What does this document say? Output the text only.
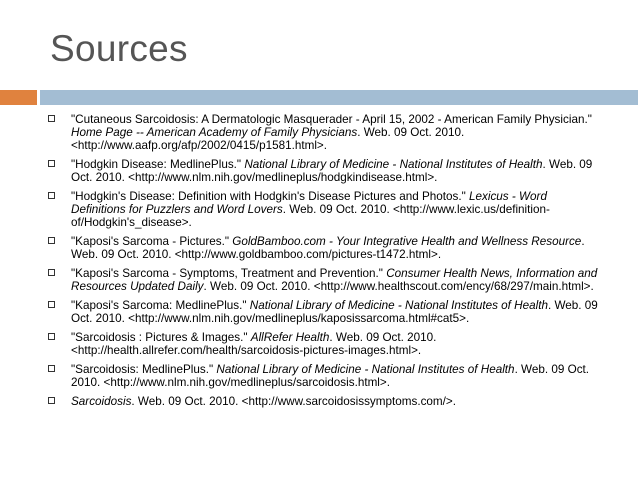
Sources
"Cutaneous Sarcoidosis: A Dermatologic Masquerader - April 15, 2002 - American Family Physician." Home Page -- American Academy of Family Physicians. Web. 09 Oct. 2010. <http://www.aafp.org/afp/2002/0415/p1581.html>.
"Hodgkin Disease: MedlinePlus." National Library of Medicine - National Institutes of Health. Web. 09 Oct. 2010. <http://www.nlm.nih.gov/medlineplus/hodgkindisease.html>.
"Hodgkin's Disease: Definition with Hodgkin's Disease Pictures and Photos." Lexicus - Word Definitions for Puzzlers and Word Lovers. Web. 09 Oct. 2010. <http://www.lexic.us/definition-of/Hodgkin's_disease>.
"Kaposi's Sarcoma - Pictures." GoldBamboo.com - Your Integrative Health and Wellness Resource. Web. 09 Oct. 2010. <http://www.goldbamboo.com/pictures-t1472.html>.
"Kaposi's Sarcoma - Symptoms, Treatment and Prevention." Consumer Health News, Information and Resources Updated Daily. Web. 09 Oct. 2010. <http://www.healthscout.com/ency/68/297/main.html>.
"Kaposi's Sarcoma: MedlinePlus." National Library of Medicine - National Institutes of Health. Web. 09 Oct. 2010. <http://www.nlm.nih.gov/medlineplus/kaposissarcoma.html#cat5>.
"Sarcoidosis : Pictures & Images." AllRefer Health. Web. 09 Oct. 2010. <http://health.allrefer.com/health/sarcoidosis-pictures-images.html>.
"Sarcoidosis: MedlinePlus." National Library of Medicine - National Institutes of Health. Web. 09 Oct. 2010. <http://www.nlm.nih.gov/medlineplus/sarcoidosis.html>.
Sarcoidosis. Web. 09 Oct. 2010. <http://www.sarcoidosissymptoms.com/>.
